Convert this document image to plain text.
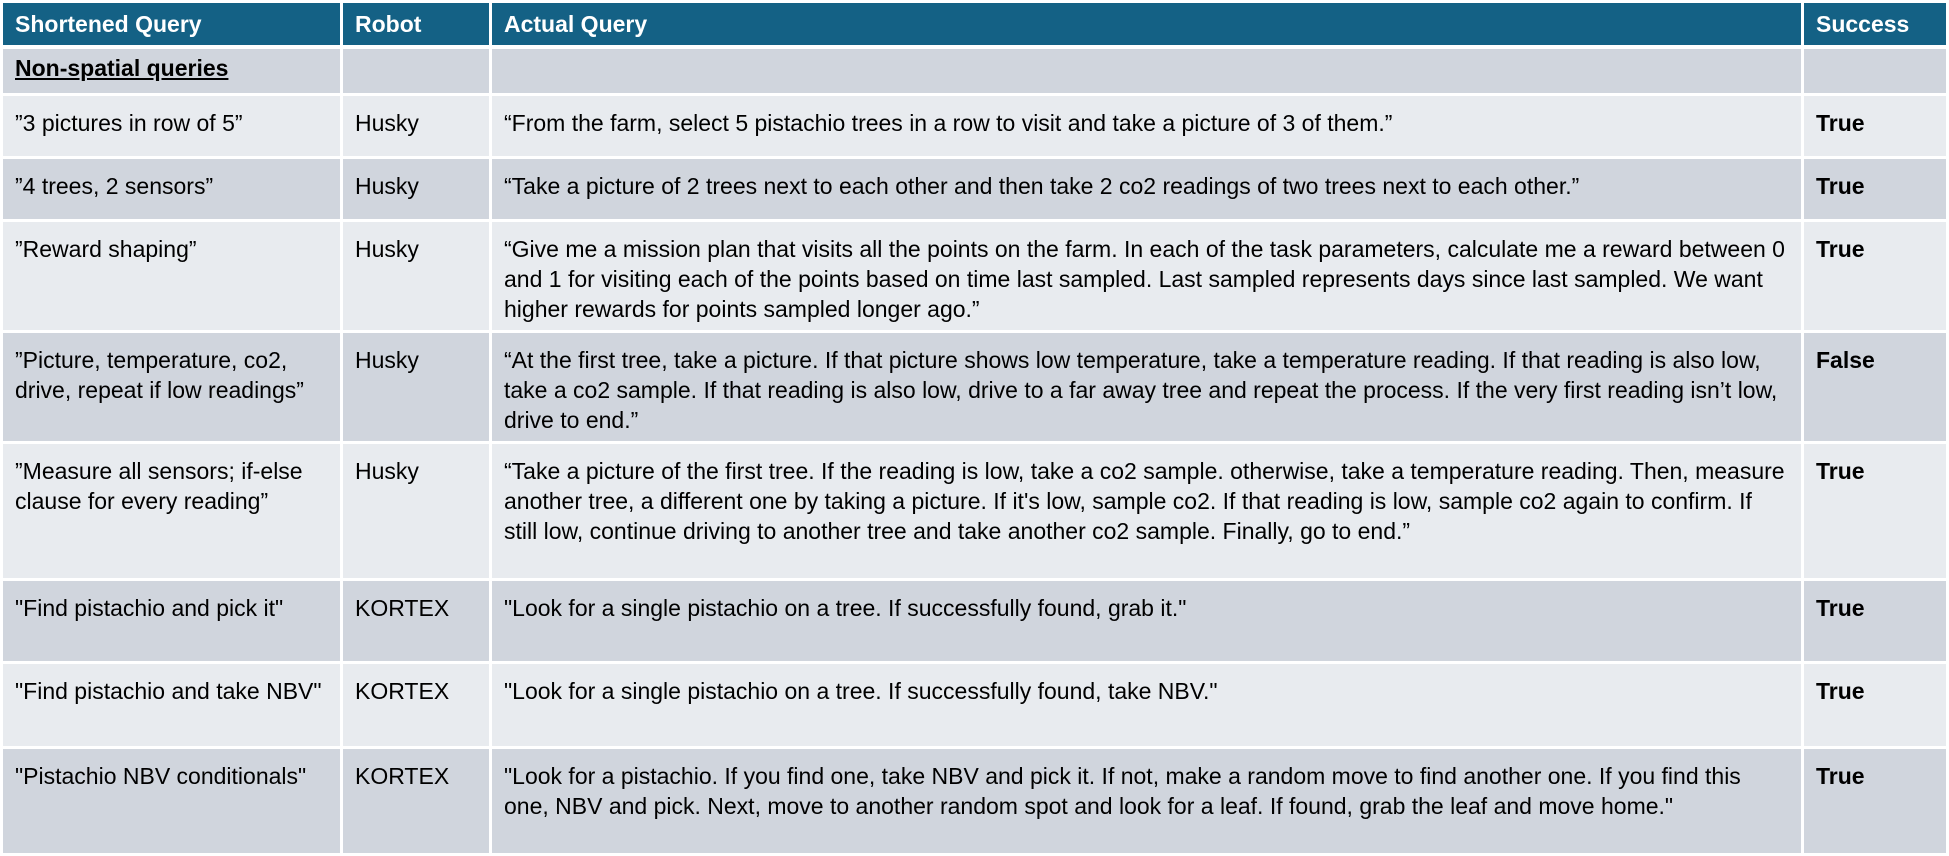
Shortened Query	Robot	Actual Query	Success
Non-spatial queries			
”3 pictures in row of 5”	Husky	“From the farm, select 5 pistachio trees in a row to visit and take a picture of 3 of them.”	True
”4 trees, 2 sensors”	Husky	“Take a picture of 2 trees next to each other and then take 2 co2 readings of two trees next to each other.”	True
”Reward shaping”	Husky	“Give me a mission plan that visits all the points on the farm. In each of the task parameters, calculate me a reward between 0 and 1 for visiting each of the points based on time last sampled. Last sampled represents days since last sampled. We want higher rewards for points sampled longer ago.”	True
”Picture, temperature, co2, drive, repeat if low readings”	Husky	“At the first tree, take a picture. If that picture shows low temperature, take a temperature reading. If that reading is also low, take a co2 sample. If that reading is also low, drive to a far away tree and repeat the process. If the very first reading isn’t low, drive to end.”	False
”Measure all sensors; if-else clause for every reading”	Husky	“Take a picture of the first tree. If the reading is low, take a co2 sample. otherwise, take a temperature reading. Then, measure another tree, a different one by taking a picture. If it's low, sample co2. If that reading is low, sample co2 again to confirm. If still low, continue driving to another tree and take another co2 sample. Finally, go to end.”	True
"Find pistachio and pick it"	KORTEX	"Look for a single pistachio on a tree. If successfully found, grab it."	True
"Find pistachio and take NBV"	KORTEX	"Look for a single pistachio on a tree. If successfully found, take NBV."	True
"Pistachio NBV conditionals"	KORTEX	"Look for a pistachio. If you find one, take NBV and pick it. If not, make a random move to find another one. If you find this one, NBV and pick. Next, move to another random spot and look for a leaf. If found, grab the leaf and move home."	True
